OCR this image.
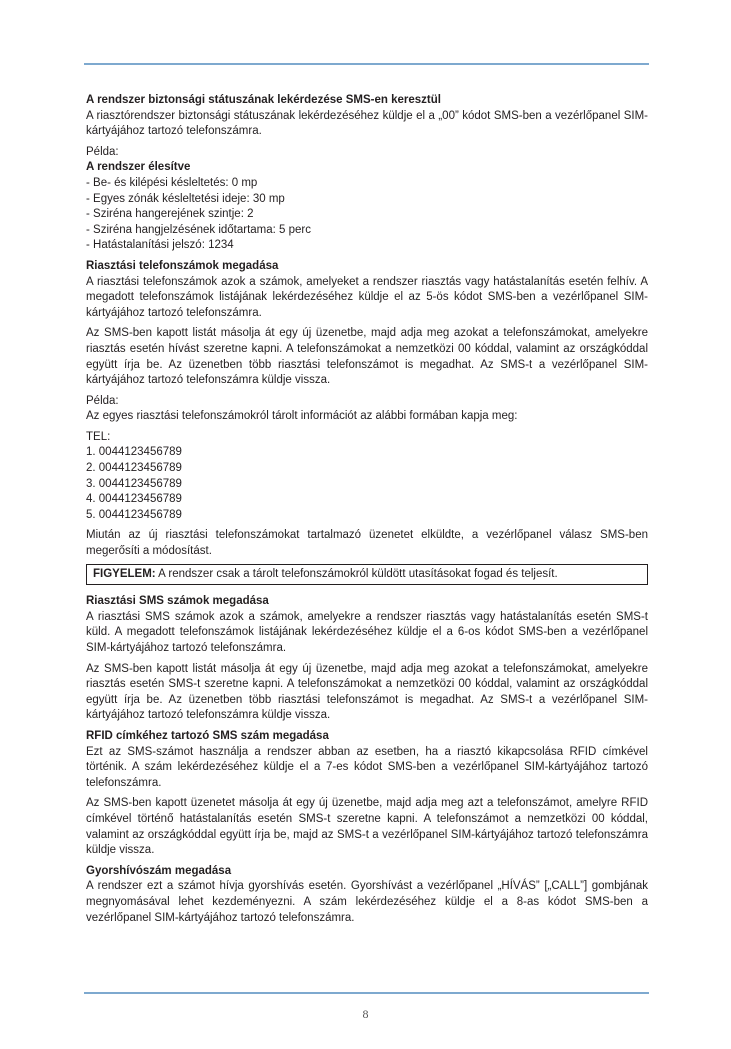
A rendszer biztonsági státuszának lekérdezése SMS-en keresztül

A riasztórendszer biztonsági státuszának lekérdezéséhez küldje el a „00” kódot SMS-ben a vezérlőpanel SIM-kártyájához tartozó telefonszámra.

Példa:

A rendszer élesítve

- Be- és kilépési késleltetés: 0 mp

- Egyes zónák késleltetési ideje: 30 mp

- Sziréna hangerejének szintje: 2

- Sziréna hangjelzésének időtartama: 5 perc

- Hatástalanítási jelszó: 1234

Riasztási telefonszámok megadása

A riasztási telefonszámok azok a számok, amelyeket a rendszer riasztás vagy hatástalanítás esetén felhív. A megadott telefonszámok listájának lekérdezéséhez küldje el az 5-ös kódot SMS-ben a vezérlőpanel SIM-kártyájához tartozó telefonszámra.

Az SMS-ben kapott listát másolja át egy új üzenetbe, majd adja meg azokat a telefonszámokat, amelyekre riasztás esetén hívást szeretne kapni. A telefonszámokat a nemzetközi 00 kóddal, valamint az országkóddal együtt írja be. Az üzenetben több riasztási telefonszámot is megadhat. Az SMS-t a vezérlőpanel SIM-kártyájához tartozó telefonszámra küldje vissza.

Példa:

Az egyes riasztási telefonszámokról tárolt információt az alábbi formában kapja meg:

TEL:

1. 0044123456789

2. 0044123456789

3. 0044123456789

4. 0044123456789

5. 0044123456789

Miután az új riasztási telefonszámokat tartalmazó üzenetet elküldte, a vezérlőpanel válasz SMS-ben megerősíti a módosítást.

FIGYELEM: A rendszer csak a tárolt telefonszámokról küldött utasításokat fogad és teljesít.

Riasztási SMS számok megadása

A riasztási SMS számok azok a számok, amelyekre a rendszer riasztás vagy hatástalanítás esetén SMS-t küld. A megadott telefonszámok listájának lekérdezéséhez küldje el a 6-os kódot SMS-ben a vezérlőpanel SIM-kártyájához tartozó telefonszámra.

Az SMS-ben kapott listát másolja át egy új üzenetbe, majd adja meg azokat a telefonszámokat, amelyekre riasztás esetén SMS-t szeretne kapni. A telefonszámokat a nemzetközi 00 kóddal, valamint az országkóddal együtt írja be. Az üzenetben több riasztási telefonszámot is megadhat. Az SMS-t a vezérlőpanel SIM-kártyájához tartozó telefonszámra küldje vissza.

RFID címkéhez tartozó SMS szám megadása

Ezt az SMS-számot használja a rendszer abban az esetben, ha a riasztó kikapcsolása RFID címkével történik. A szám lekérdezéséhez küldje el a 7-es kódot SMS-ben a vezérlőpanel SIM-kártyájához tartozó telefonszámra.

Az SMS-ben kapott üzenetet másolja át egy új üzenetbe, majd adja meg azt a telefonszámot, amelyre RFID címkével történő hatástalanítás esetén SMS-t szeretne kapni. A telefonszámot a nemzetközi 00 kóddal, valamint az országkóddal együtt írja be, majd az SMS-t a vezérlőpanel SIM-kártyájához tartozó telefonszámra küldje vissza.

Gyorshívószám megadása

A rendszer ezt a számot hívja gyorshívás esetén. Gyorshívást a vezérlőpanel „HÍVÁS” [„CALL”] gombjának megnyomásával lehet kezdeményezni. A szám lekérdezéséhez küldje el a 8-as kódot SMS-ben a vezérlőpanel SIM-kártyájához tartozó telefonszámra.

8
